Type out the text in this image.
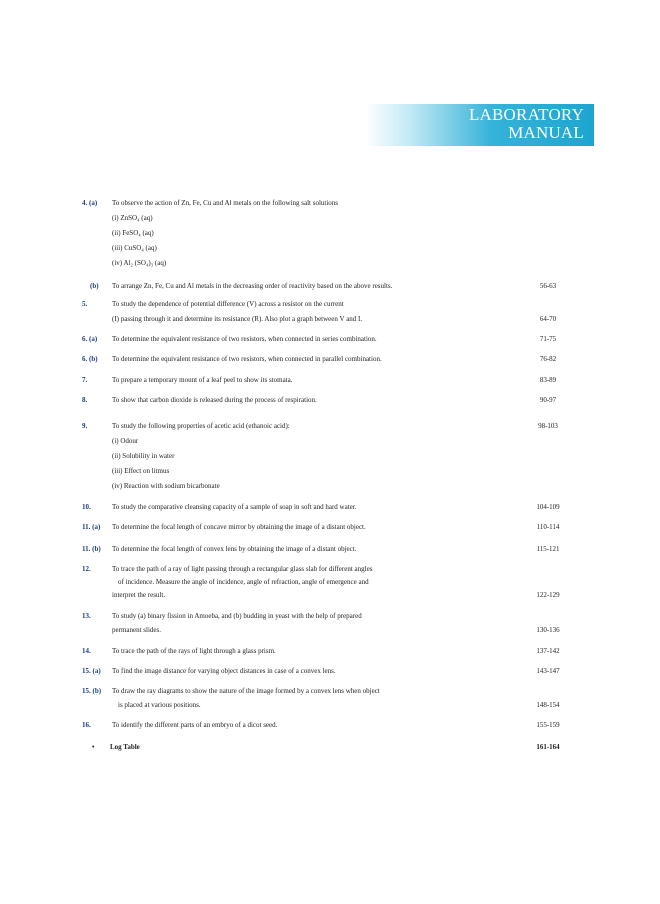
LABORATORY
MANUAL
4. (a)	To observe the action of Zn, Fe, Cu and Al metals on the following salt solutions
(i) ZnSO₄ (aq)
(ii) FeSO₄ (aq)
(iii) CuSO₄ (aq)
(iv) Al₂ (SO₄)₃ (aq)
(b)	To arrange Zn, Fe, Cu and Al metals in the decreasing order of reactivity based on the above results.	56-63
5.	To study the dependence of potential difference (V) across a resistor on the current
(I) passing through it and determine its resistance (R). Also plot a graph between V and I.	64-70
6. (a)	To determine the equivalent resistance of two resistors, when connected in series combination.	71-75
6. (b)	To determine the equivalent resistance of two resistors, when connected in parallel combination.	76-82
7.	To prepare a temporary mount of a leaf peel to show its stomata.	83-89
8.	To show that carbon dioxide is released during the process of respiration.	90-97
9.	To study the following properties of acetic acid (ethanoic acid):	98-103
(i) Odour
(ii) Solubility in water
(iii) Effect on litmus
(iv) Reaction with sodium bicarbonate
10.	To study the comparative cleansing capacity of a sample of soap in soft and hard water.	104-109
11. (a)	To determine the focal length of concave mirror by obtaining the image of a distant object.	110-114
11. (b)	To determine the focal length of convex lens by obtaining the image of a distant object.	115-121
12.	To trace the path of a ray of light passing through a rectangular glass slab for different angles
of incidence. Measure the angle of incidence, angle of refraction, angle of emergence and
interpret the result.	122-129
13.	To study (a) binary fission in Amoeba, and (b) budding in yeast with the help of prepared
permanent slides.	130-136
14.	To trace the path of the rays of light through a glass prism.	137-142
15. (a)	To find the image distance for varying object distances in case of a convex lens.	143-147
15. (b)	To draw the ray diagrams to show the nature of the image formed by a convex lens when object
is placed at various positions.	148-154
16.	To identify the different parts of an embryo of a dicot seed.	155-159
• Log Table	161-164
